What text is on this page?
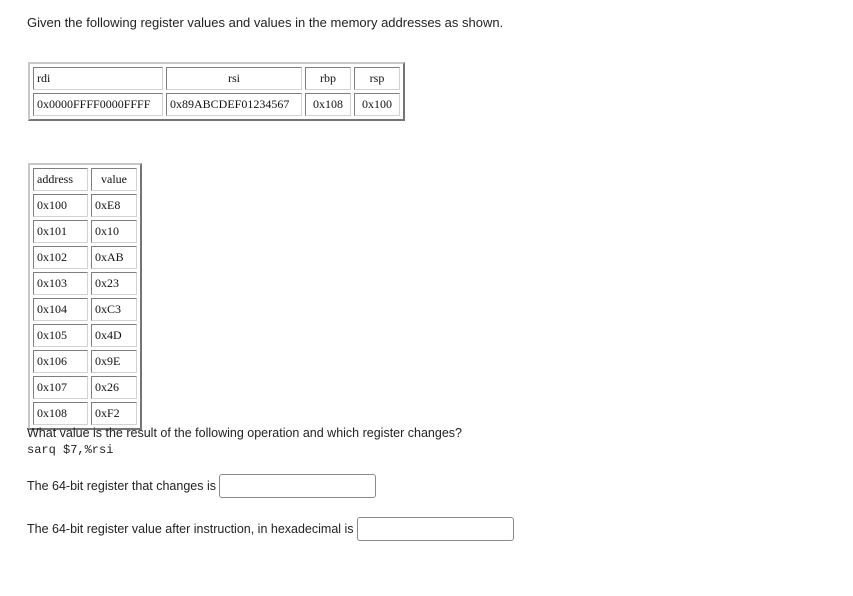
Given the following register values and values in the memory addresses as shown.
rdi	rsi	rbp	rsp
0x0000FFFF0000FFFF	0x89ABCDEF01234567	0x108	0x100
address	value
0x100	0xE8
0x101	0x10
0x102	0xAB
0x103	0x23
0x104	0xC3
0x105	0x4D
0x106	0x9E
0x107	0x26
0x108	0xF2
What value is the result of the following operation and which register changes?
sarq $7,%rsi
The 64-bit register that changes is
The 64-bit register value after instruction, in hexadecimal is
